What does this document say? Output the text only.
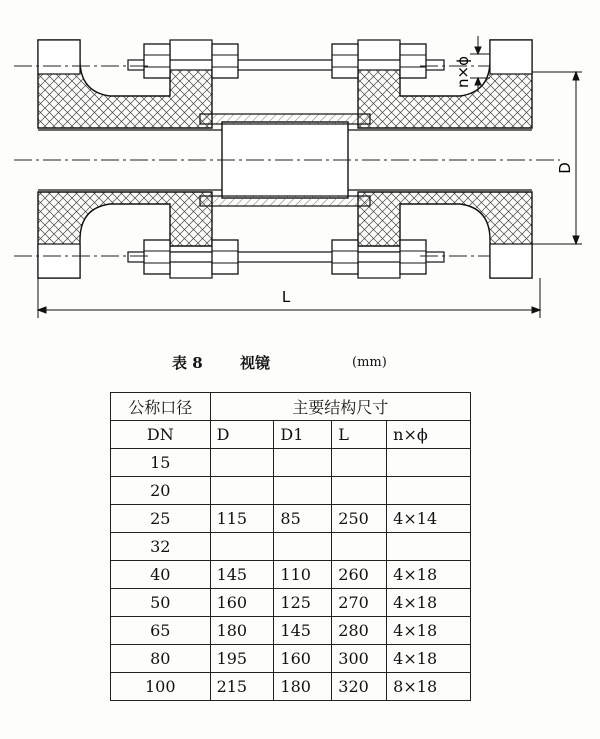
n×ϕ
D
L
表 8 视镜	(mm)
公称口径	主要结构尺寸			
DN	D	D1	L	n×ϕ
15				
20				
25	115	85	250	4×14
32				
40	145	110	260	4×18
50	160	125	270	4×18
65	180	145	280	4×18
80	195	160	300	4×18
100	215	180	320	8×18
